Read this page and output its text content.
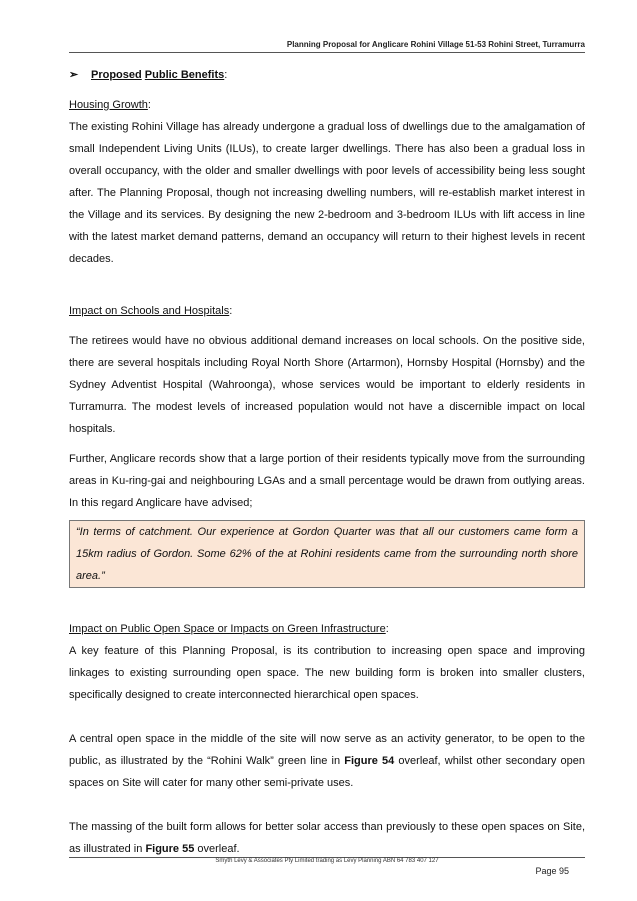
Planning Proposal for Anglicare Rohini Village 51-53 Rohini Street, Turramurra
➢	Proposed
Public Benefits :

Housing Growth:

The existing Rohini Village has already undergone a gradual loss of dwellings due to the amalgamation of small Independent Living Units (ILUs), to create larger dwellings. There has also been a gradual loss in overall occupancy, with the older and smaller dwellings with poor levels of accessibility being less sought after. The Planning Proposal, though not increasing dwelling numbers, will re-establish market interest in the Village and its services. By designing the new 2-bedroom and 3-bedroom ILUs with lift access in line with the latest market demand patterns, demand an occupancy will return to their highest levels in recent decades.

Impact on Schools and Hospitals:

The retirees would have no obvious additional demand increases on local schools. On the positive side, there are several hospitals including Royal North Shore (Artarmon), Hornsby Hospital (Hornsby) and the Sydney Adventist Hospital (Wahroonga), whose services would be important to elderly residents in Turramurra. The modest levels of increased population would not have a discernible impact on local hospitals.

Further, Anglicare records show that a large portion of their residents typically move from the surrounding areas in Ku-ring-gai and neighbouring LGAs and a small percentage would be drawn from outlying areas. In this regard Anglicare have advised;

“In terms of catchment. Our experience at Gordon Quarter was that all our customers came form a 15km radius of Gordon. Some 62% of the at Rohini residents came from the surrounding north shore area.”

Impact on Public Open Space or Impacts on Green Infrastructure:

A key feature of this Planning Proposal, is its contribution to increasing open space and improving linkages to existing surrounding open space. The new building form is broken into smaller clusters, specifically designed to create interconnected hierarchical open spaces.

A central open space in the middle of the site will now serve as an activity generator, to be open to the public, as illustrated by the “Rohini Walk” green line in Figure 54 overleaf, whilst other secondary open spaces on Site will cater for many other semi-private uses.

The massing of the built form allows for better solar access than previously to these open spaces on Site, as illustrated in Figure 55 overleaf.

Smyth Levy & Associates Pty Limited trading as Levy Planning ABN 64 783 407 127
Page 95
